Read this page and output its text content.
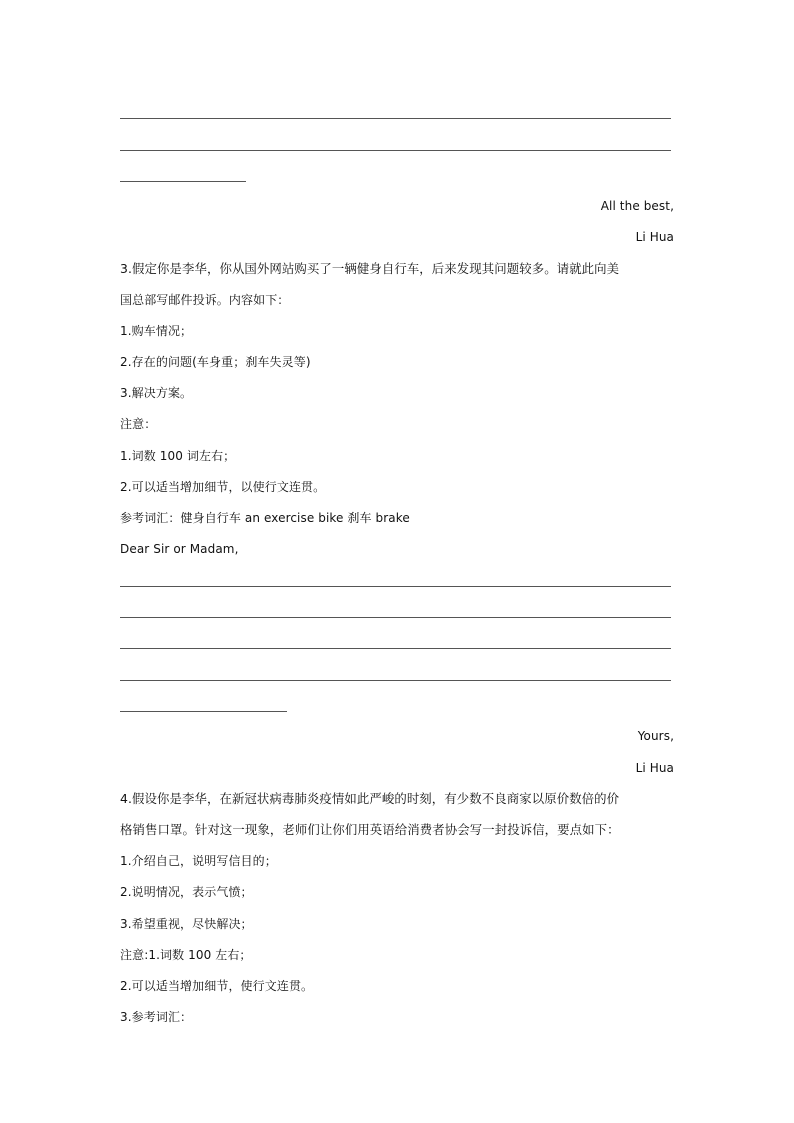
All the best,
Li Hua
3.假定你是李华，你从国外网站购买了一辆健身自行车，后来发现其问题较多。请就此向美
国总部写邮件投诉。内容如下：
1.购车情况；
2.存在的问题(车身重；刹车失灵等)
3.解决方案。
注意：
1.词数 100 词左右；
2.可以适当增加细节，以使行文连贯。
参考词汇：健身自行车 an exercise bike 刹车 brake
Dear Sir or Madam,
Yours,
Li Hua
4.假设你是李华，在新冠状病毒肺炎疫情如此严峻的时刻，有少数不良商家以原价数倍的价
格销售口罩。针对这一现象，老师们让你们用英语给消费者协会写一封投诉信，要点如下：
1.介绍自己，说明写信目的；
2.说明情况，表示气愤；
3.希望重视，尽快解决；
注意:1.词数 100 左右；
2.可以适当增加细节，使行文连贯。
3.参考词汇：
